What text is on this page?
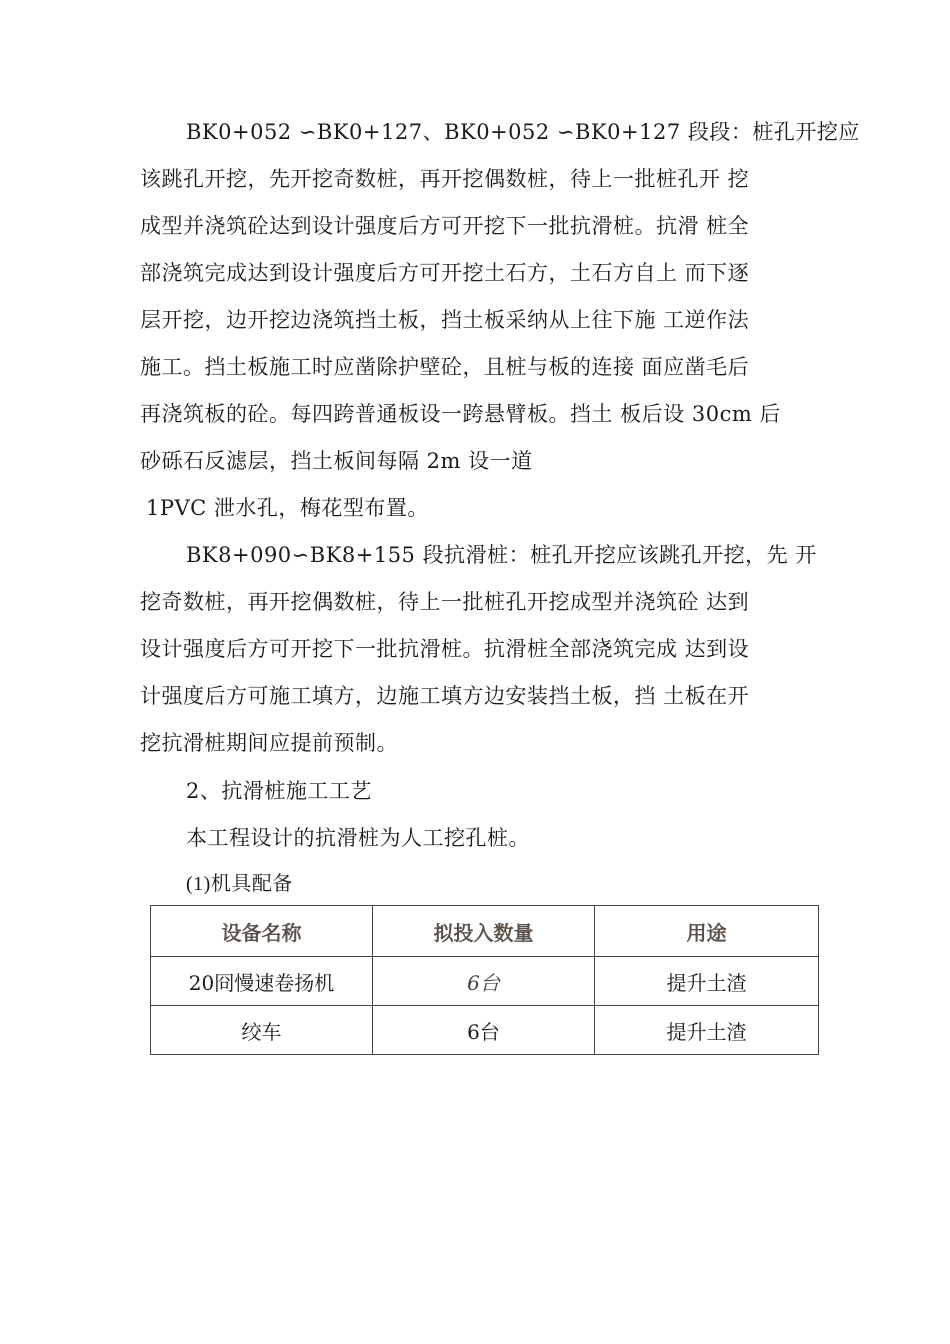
BK0+052 ∽BK0+127、BK0+052 ∽BK0+127 段段：桩孔开挖应
该跳孔开挖，先开挖奇数桩，再开挖偶数桩，待上一批桩孔开 挖
成型并浇筑砼达到设计强度后方可开挖下一批抗滑桩。抗滑 桩全
部浇筑完成达到设计强度后方可开挖土石方，土石方自上 而下逐
层开挖，边开挖边浇筑挡土板，挡土板采纳从上往下施 工逆作法
施工。挡土板施工时应凿除护壁砼，且桩与板的连接 面应凿毛后
再浇筑板的砼。每四跨普通板设一跨悬臂板。挡土 板后设 30cm 后
砂砾石反滤层，挡土板间每隔 2m 设一道
1PVC 泄水孔，梅花型布置。
BK8+090∽BK8+155 段抗滑桩：桩孔开挖应该跳孔开挖，先 开
挖奇数桩，再开挖偶数桩，待上一批桩孔开挖成型并浇筑砼 达到
设计强度后方可开挖下一批抗滑桩。抗滑桩全部浇筑完成 达到设
计强度后方可施工填方，边施工填方边安装挡土板，挡 土板在开
挖抗滑桩期间应提前预制。
2、抗滑桩施工工艺
本工程设计的抗滑桩为人工挖孔桩。
(1)机具配备
设备名称	拟投入数量	用途
20冏慢速卷扬机	6台	提升土渣
绞车	6台	提升土渣
